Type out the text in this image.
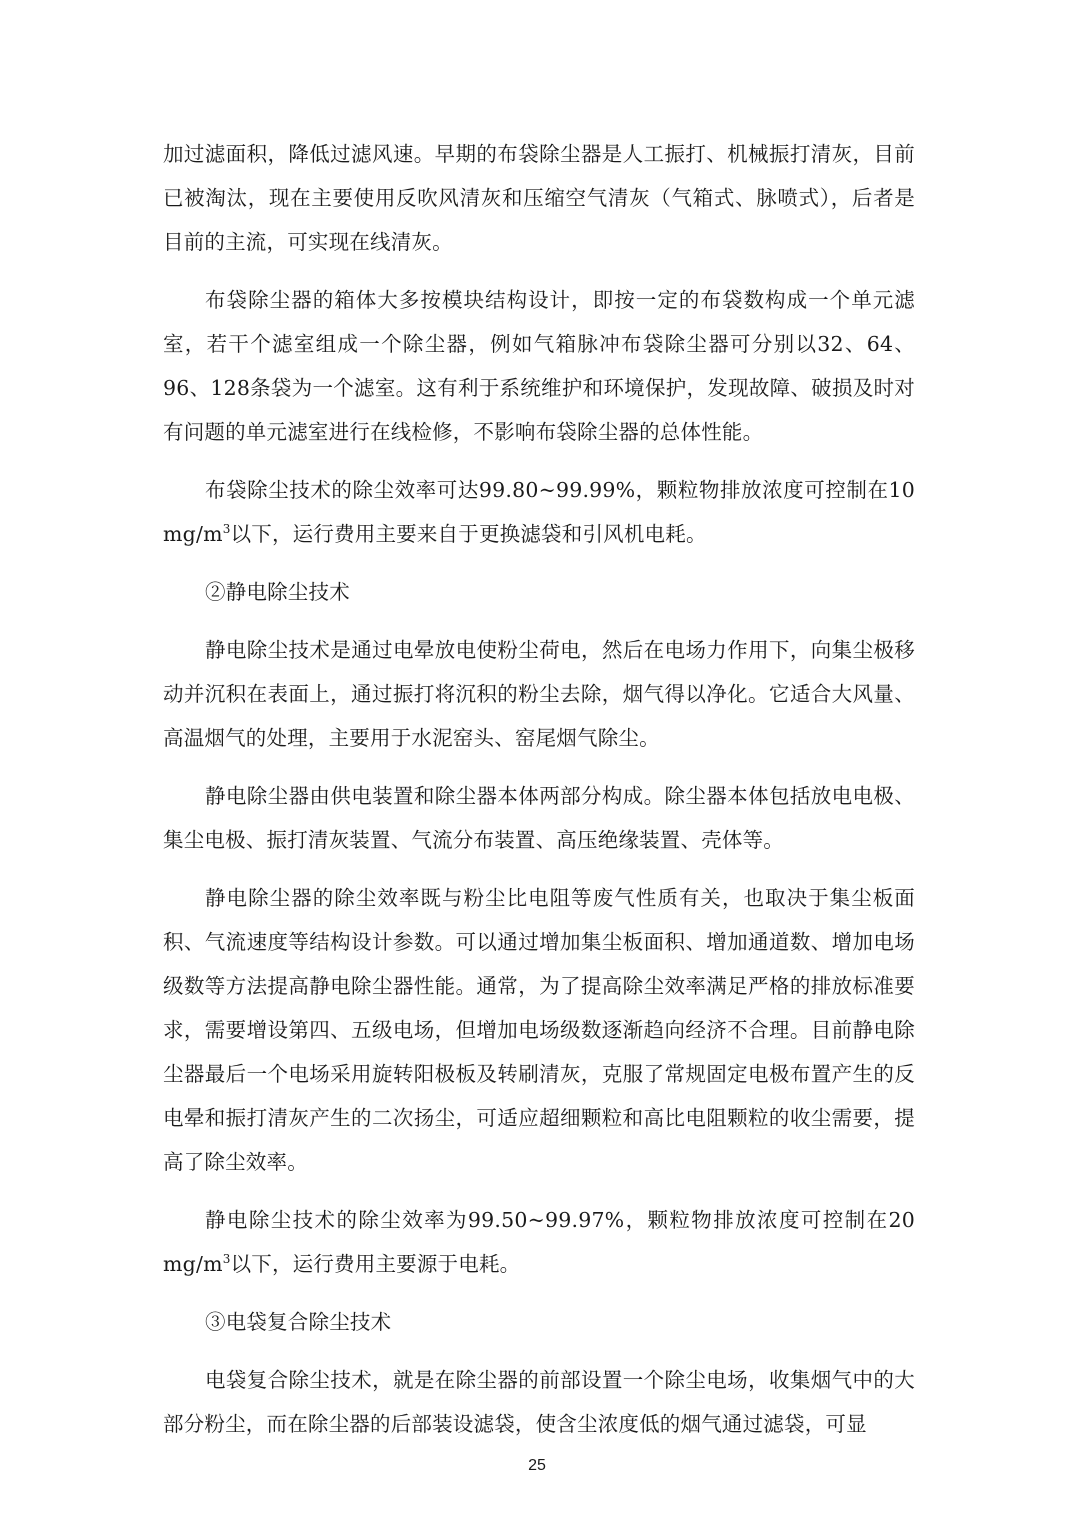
加过滤面积，降低过滤风速。早期的布袋除尘器是人工振打、机械振打清灰，目前已被淘汰，现在主要使用反吹风清灰和压缩空气清灰（气箱式、脉喷式），后者是目前的主流，可实现在线清灰。

布袋除尘器的箱体大多按模块结构设计，即按一定的布袋数构成一个单元滤室，若干个滤室组成一个除尘器，例如气箱脉冲布袋除尘器可分别以32、64、96、128条袋为一个滤室。这有利于系统维护和环境保护，发现故障、破损及时对有问题的单元滤室进行在线检修，不影响布袋除尘器的总体性能。

布袋除尘技术的除尘效率可达99.80~99.99%，颗粒物排放浓度可控制在10 $mg/m^3$以下，运行费用主要来自于更换滤袋和引风机电耗。

②静电除尘技术

静电除尘技术是通过电晕放电使粉尘荷电，然后在电场力作用下，向集尘极移动并沉积在表面上，通过振打将沉积的粉尘去除，烟气得以净化。它适合大风量、高温烟气的处理，主要用于水泥窑头、窑尾烟气除尘。

静电除尘器由供电装置和除尘器本体两部分构成。除尘器本体包括放电电极、集尘电极、振打清灰装置、气流分布装置、高压绝缘装置、壳体等。

静电除尘器的除尘效率既与粉尘比电阻等废气性质有关，也取决于集尘板面积、气流速度等结构设计参数。可以通过增加集尘板面积、增加通道数、增加电场级数等方法提高静电除尘器性能。通常，为了提高除尘效率满足严格的排放标准要求，需要增设第四、五级电场，但增加电场级数逐渐趋向经济不合理。目前静电除尘器最后一个电场采用旋转阳极板及转刷清灰，克服了常规固定电极布置产生的反电晕和振打清灰产生的二次扬尘，可适应超细颗粒和高比电阻颗粒的收尘需要，提高了除尘效率。

静电除尘技术的除尘效率为99.50~99.97%，颗粒物排放浓度可控制在20 $mg/m^3$以下，运行费用主要源于电耗。

③电袋复合除尘技术

电袋复合除尘技术，就是在除尘器的前部设置一个除尘电场，收集烟气中的大部分粉尘，而在除尘器的后部装设滤袋，使含尘浓度低的烟气通过滤袋，可显

25
